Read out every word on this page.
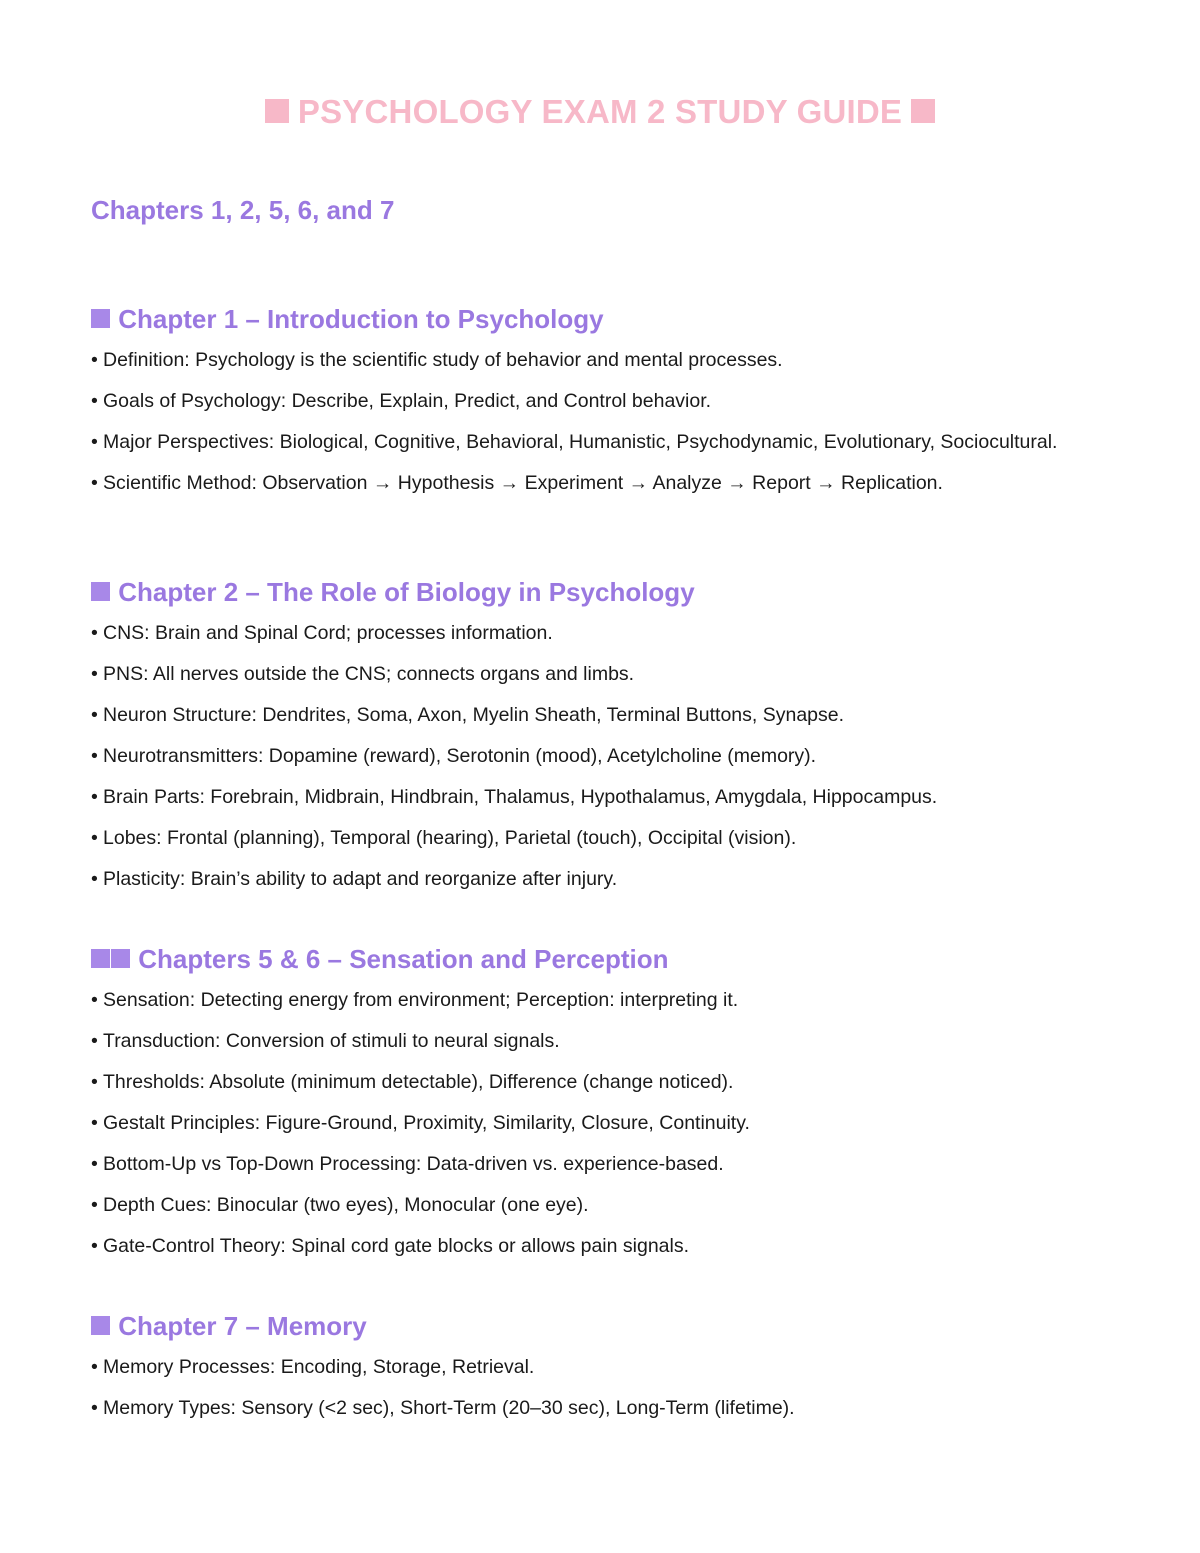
PSYCHOLOGY EXAM 2 STUDY GUIDE
Chapters 1, 2, 5, 6, and 7
Chapter 1 – Introduction to Psychology
• Definition: Psychology is the scientific study of behavior and mental processes.
• Goals of Psychology: Describe, Explain, Predict, and Control behavior.
• Major Perspectives: Biological, Cognitive, Behavioral, Humanistic, Psychodynamic, Evolutionary, Sociocultural.
• Scientific Method: Observation → Hypothesis → Experiment → Analyze → Report → Replication.
Chapter 2 – The Role of Biology in Psychology
• CNS: Brain and Spinal Cord; processes information.
• PNS: All nerves outside the CNS; connects organs and limbs.
• Neuron Structure: Dendrites, Soma, Axon, Myelin Sheath, Terminal Buttons, Synapse.
• Neurotransmitters: Dopamine (reward), Serotonin (mood), Acetylcholine (memory).
• Brain Parts: Forebrain, Midbrain, Hindbrain, Thalamus, Hypothalamus, Amygdala, Hippocampus.
• Lobes: Frontal (planning), Temporal (hearing), Parietal (touch), Occipital (vision).
• Plasticity: Brain’s ability to adapt and reorganize after injury.
Chapters 5 & 6 – Sensation and Perception
• Sensation: Detecting energy from environment; Perception: interpreting it.
• Transduction: Conversion of stimuli to neural signals.
• Thresholds: Absolute (minimum detectable), Difference (change noticed).
• Gestalt Principles: Figure-Ground, Proximity, Similarity, Closure, Continuity.
• Bottom-Up vs Top-Down Processing: Data-driven vs. experience-based.
• Depth Cues: Binocular (two eyes), Monocular (one eye).
• Gate-Control Theory: Spinal cord gate blocks or allows pain signals.
Chapter 7 – Memory
• Memory Processes: Encoding, Storage, Retrieval.
• Memory Types: Sensory (<2 sec), Short-Term (20–30 sec), Long-Term (lifetime).
